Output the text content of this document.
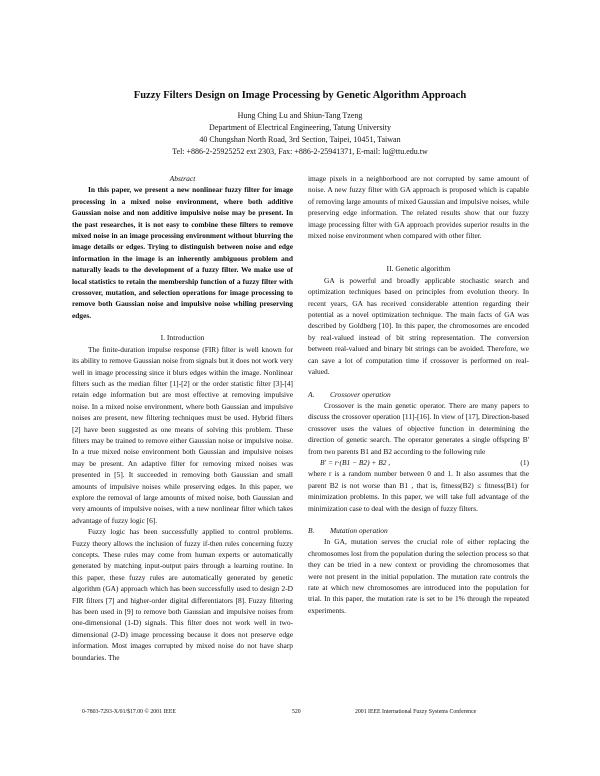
Fuzzy Filters Design on Image Processing by Genetic Algorithm Approach
Hung Ching Lu and Shiun-Tang Tzeng
Department of Electrical Engineering, Tatung University
40 Chungshan North Road, 3rd Section, Taipei, 10451, Taiwan
Tel: +886-2-25925252 ext 2303, Fax: +886-2-25941371, E-mail: lu@ttu.edu.tw
Abstract

In this paper, we present a new nonlinear fuzzy filter for image processing in a mixed noise environment, where both additive Gaussian noise and non additive impulsive noise may be present. In the past researches, it is not easy to combine these filters to remove mixed noise in an image processing environment without blurring the image details or edges. Trying to distinguish between noise and edge information in the image is an inherently ambiguous problem and naturally leads to the development of a fuzzy filter. We make use of local statistics to retain the membership function of a fuzzy filter with crossover, mutation, and selection operations for image processing to remove both Gaussian noise and impulsive noise whiling preserving edges.

I. Introduction

The finite-duration impulse response (FIR) filter is well known for its ability to remove Gaussian noise from signals but it does not work very well in image processing since it blurs edges within the image. Nonlinear filters such as the median filter [1]-[2] or the order statistic filter [3]-[4] retain edge information but are most effective at removing impulsive noise. In a mixed noise environment, where both Gaussian and impulsive noises are present, new filtering techniques must be used. Hybrid filters [2] have been suggested as one means of solving this problem. These filters may be trained to remove either Gaussian noise or impulsive noise. In a true mixed noise environment both Gaussian and impulsive noises may be present. An adaptive filter for removing mixed noises was presented in [5]. It succeeded in removing both Gaussian and small amounts of impulsive noises while preserving edges. In this paper, we explore the removal of large amounts of mixed noise, both Gaussian and very amounts of impulsive noises, with a new nonlinear filter which takes advantage of fuzzy logic [6].

Fuzzy logic has been successfully applied to control problems. Fuzzy theory allows the inclusion of fuzzy if-then rules concerning fuzzy concepts. These rules may come from human experts or automatically generated by matching input-output pairs through a learning routine. In this paper, these fuzzy rules are automatically generated by genetic algorithm (GA) approach which has been successfully used to design 2-D FIR filters [7] and higher-order digital differentiators [8]. Fuzzy filtering has been used in [9] to remove both Gaussian and impulsive noises from one-dimensional (1-D) signals. This filter does not work well in two-dimensional (2-D) image processing because it does not preserve edge information. Most images corrupted by mixed noise do not have sharp boundaries. The

image pixels in a neighborhood are not corrupted by same amount of noise. A new fuzzy filter with GA approach is proposed which is capable of removing large amounts of mixed Gaussian and impulsive noises, while preserving edge information. The related results show that our fuzzy image processing filter with GA approach provides superior results in the mixed noise environment when compared with other filter.

II. Genetic algorithm

GA is powerful and broadly applicable stochastic search and optimization techniques based on principles from evolution theory. In recent years, GA has received considerable attention regarding their potential as a novel optimization technique. The main facts of GA was described by Goldberg [10]. In this paper, the chromosomes are encoded by real-valued instead of bit string representation. The conversion between real-valued and binary bit strings can be avoided. Therefore, we can save a lot of computation time if crossover is performed on real-valued.

A. Crossover operation

Crossover is the main genetic operator. There are many papers to discuss the crossover operation [11]-[16]. In view of [17], Direction-based crossover uses the values of objective function in determining the direction of genetic search. The operator generates a single offspring B' from two parents B1 and B2 according to the following rule

B' = r·(B1 − B2) + B2 ,	(1)

where r is a random number between 0 and 1. It also assumes that the parent B2 is not worse than B1 , that is, fitness(B2) ≤ fitness(B1) for minimization problems. In this paper, we will take full advantage of the minimization case to deal with the design of fuzzy filters.

B. Mutation operation

In GA, mutation serves the crucial role of either replacing the chromosomes lost from the population during the selection process so that they can be tried in a new context or providing the chromosomes that were not present in the initial population. The mutation rate controls the rate at which new chromosomes are introduced into the population for trial. In this paper, the mutation rate is set to be 1% through the repeated experiments.

0-7803-7293-X/01/$17.00 © 2001 IEEE	520	2001 IEEE International Fuzzy Systems Conference
